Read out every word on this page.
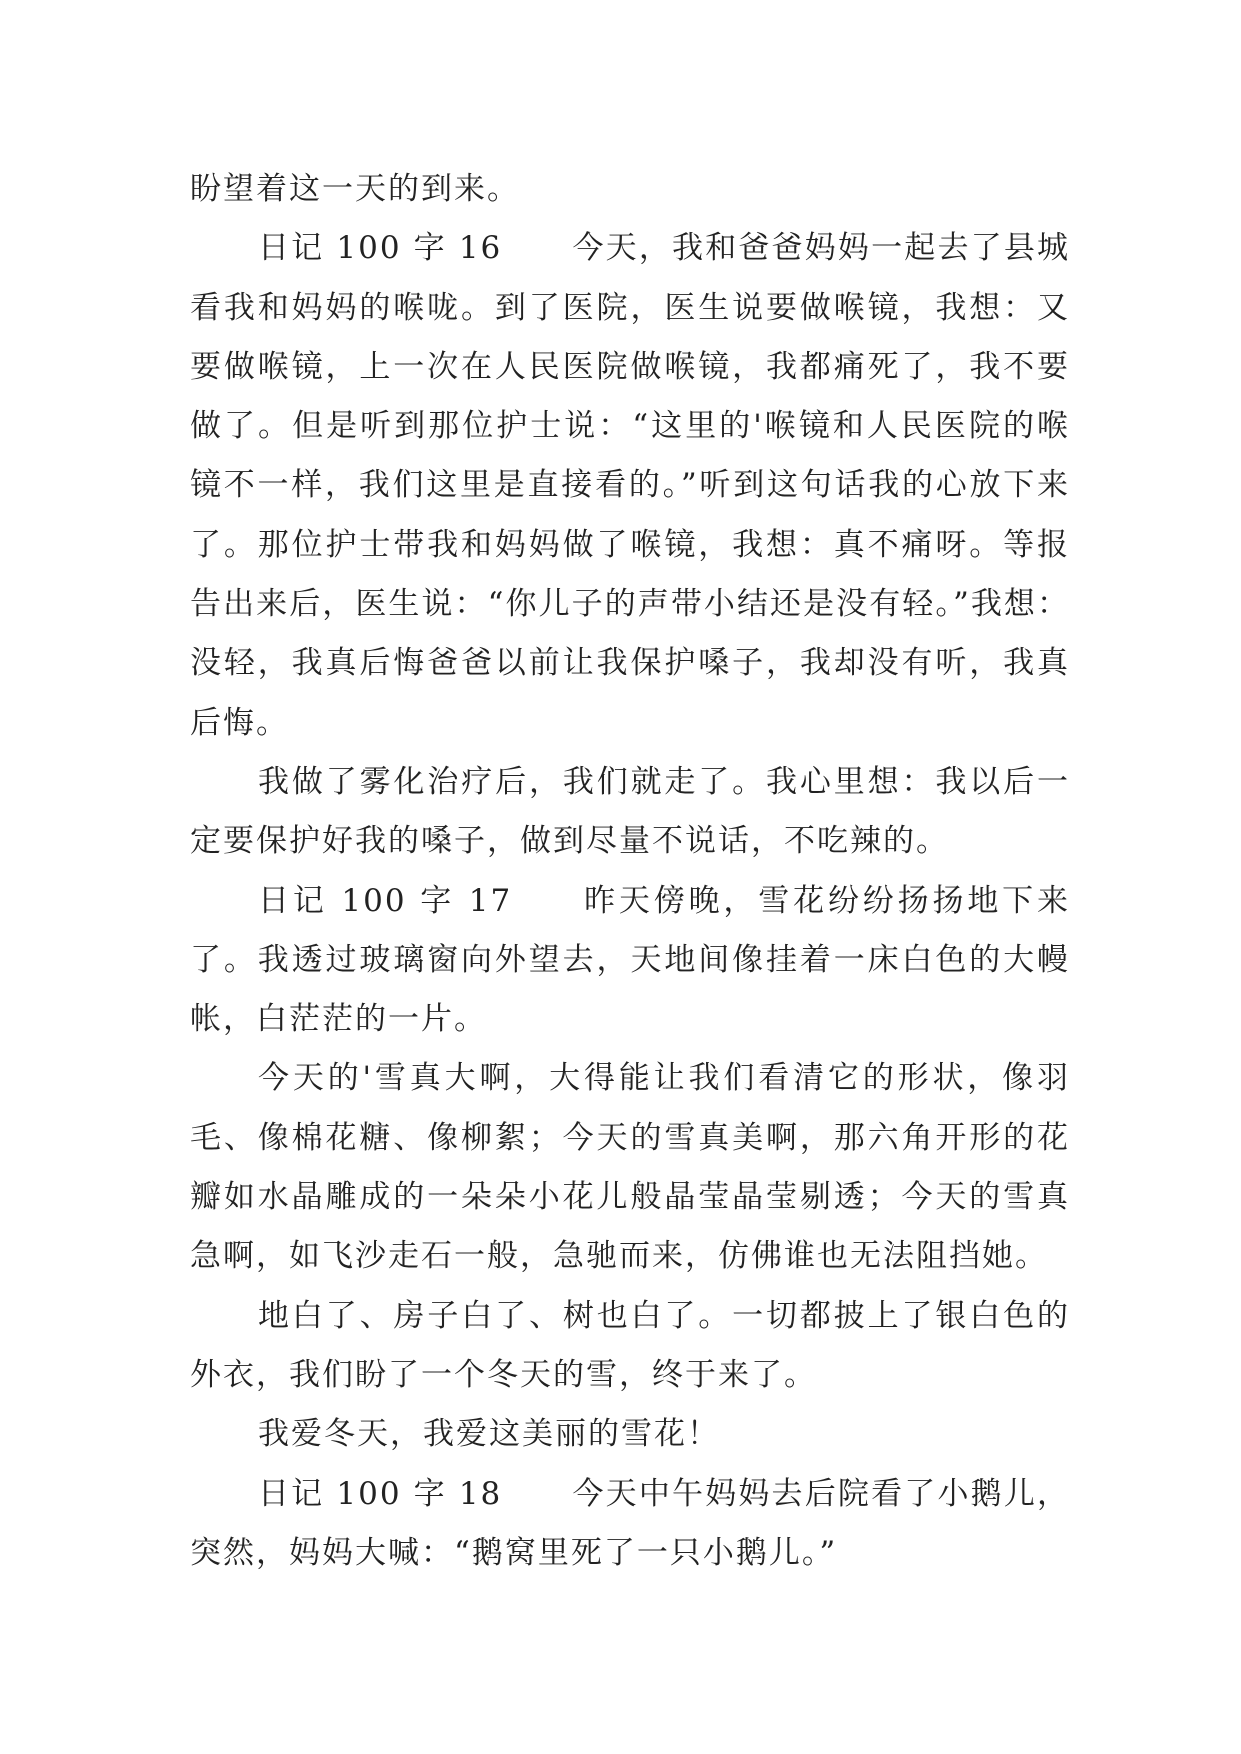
盼望着这一天的到来。

日记 100 字 16 今天，我和爸爸妈妈一起去了县城看我和妈妈的喉咙。到了医院，医生说要做喉镜，我想：又要做喉镜，上一次在人民医院做喉镜，我都痛死了，我不要做了。但是听到那位护士说：“这里的'喉镜和人民医院的喉镜不一样，我们这里是直接看的。”听到这句话我的心放下来了。那位护士带我和妈妈做了喉镜，我想：真不痛呀。等报告出来后，医生说：“你儿子的声带小结还是没有轻。”我想：没轻，我真后悔爸爸以前让我保护嗓子，我却没有听，我真后悔。

我做了雾化治疗后，我们就走了。我心里想：我以后一定要保护好我的嗓子，做到尽量不说话，不吃辣的。

日记 100 字 17 昨天傍晚，雪花纷纷扬扬地下来了。我透过玻璃窗向外望去，天地间像挂着一床白色的大幔帐，白茫茫的一片。

今天的'雪真大啊，大得能让我们看清它的形状，像羽毛、像棉花糖、像柳絮；今天的雪真美啊，那六角开形的花瓣如水晶雕成的一朵朵小花儿般晶莹晶莹剔透；今天的雪真急啊，如飞沙走石一般，急驰而来，仿佛谁也无法阻挡她。

地白了、房子白了、树也白了。一切都披上了银白色的外衣，我们盼了一个冬天的雪，终于来了。

我爱冬天，我爱这美丽的雪花！

日记 100 字 18 今天中午妈妈去后院看了小鹅儿，突然，妈妈大喊：“鹅窝里死了一只小鹅儿。”
